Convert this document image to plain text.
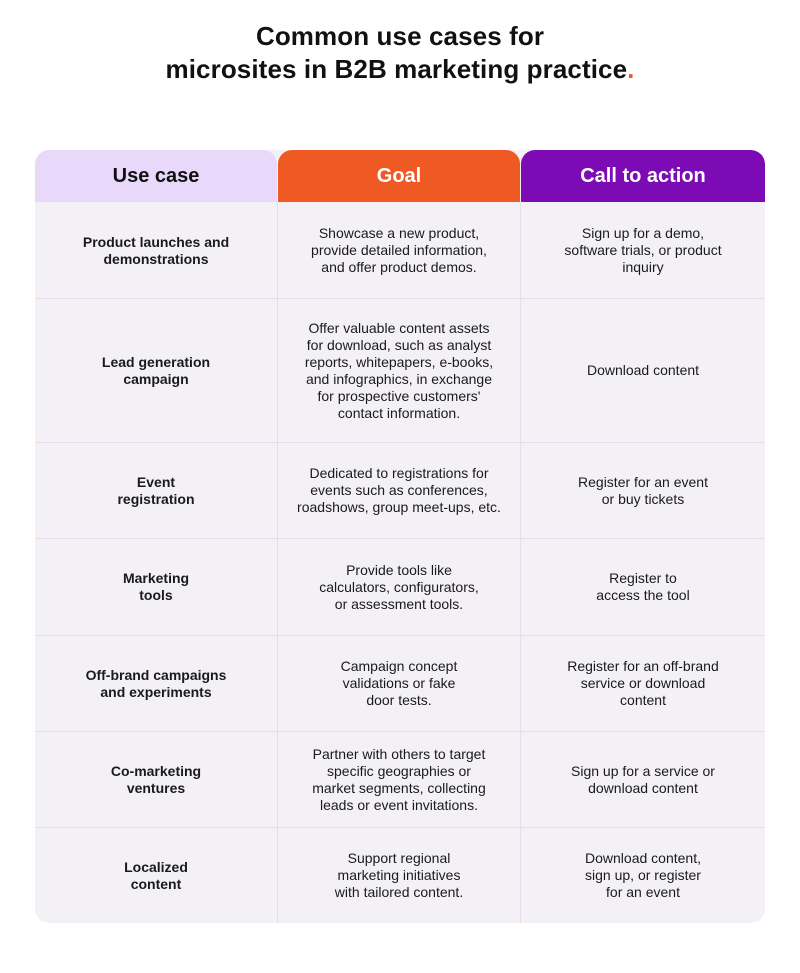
Common use cases for
microsites in B2B marketing practice.
Use case	Goal	Call to action
Product launches and
demonstrations
Showcase a new product,
provide detailed information,
and offer product demos.
Sign up for a demo,
software trials, or product
inquiry
Lead generation
campaign
Offer valuable content assets
for download, such as analyst
reports, whitepapers, e-books,
and infographics, in exchange
for prospective customers'
contact information.
Download content
Event
registration
Dedicated to registrations for
events such as conferences,
roadshows, group meet-ups, etc.
Register for an event
or buy tickets
Marketing
tools
Provide tools like
calculators, configurators,
or assessment tools.
Register to
access the tool
Off-brand campaigns
and experiments
Campaign concept
validations or fake
door tests.
Register for an off-brand
service or download
content
Co-marketing
ventures
Partner with others to target
specific geographies or
market segments, collecting
leads or event invitations.
Sign up for a service or
download content
Localized
content
Support regional
marketing initiatives
with tailored content.
Download content,
sign up, or register
for an event
